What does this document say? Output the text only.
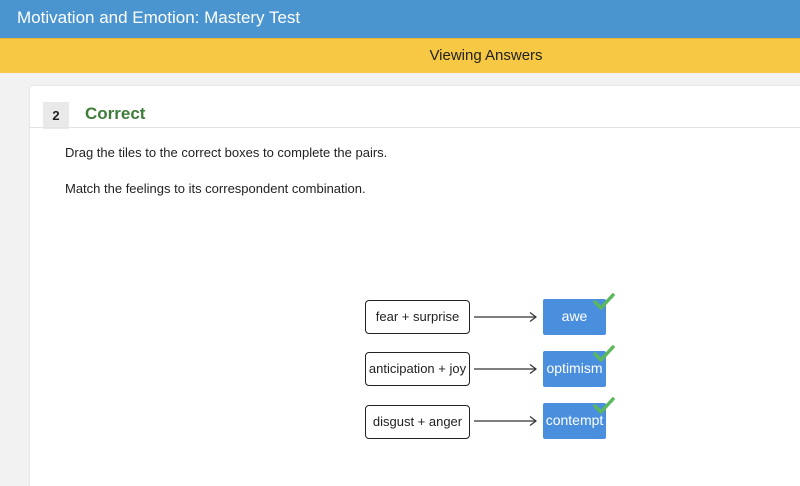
Motivation and Emotion: Mastery Test
Viewing Answers
2	Correct
Drag the tiles to the correct boxes to complete the pairs.
Match the feelings to its correspondent combination.
fear + surprise	awe
anticipation + joy	optimism
disgust + anger	contempt
